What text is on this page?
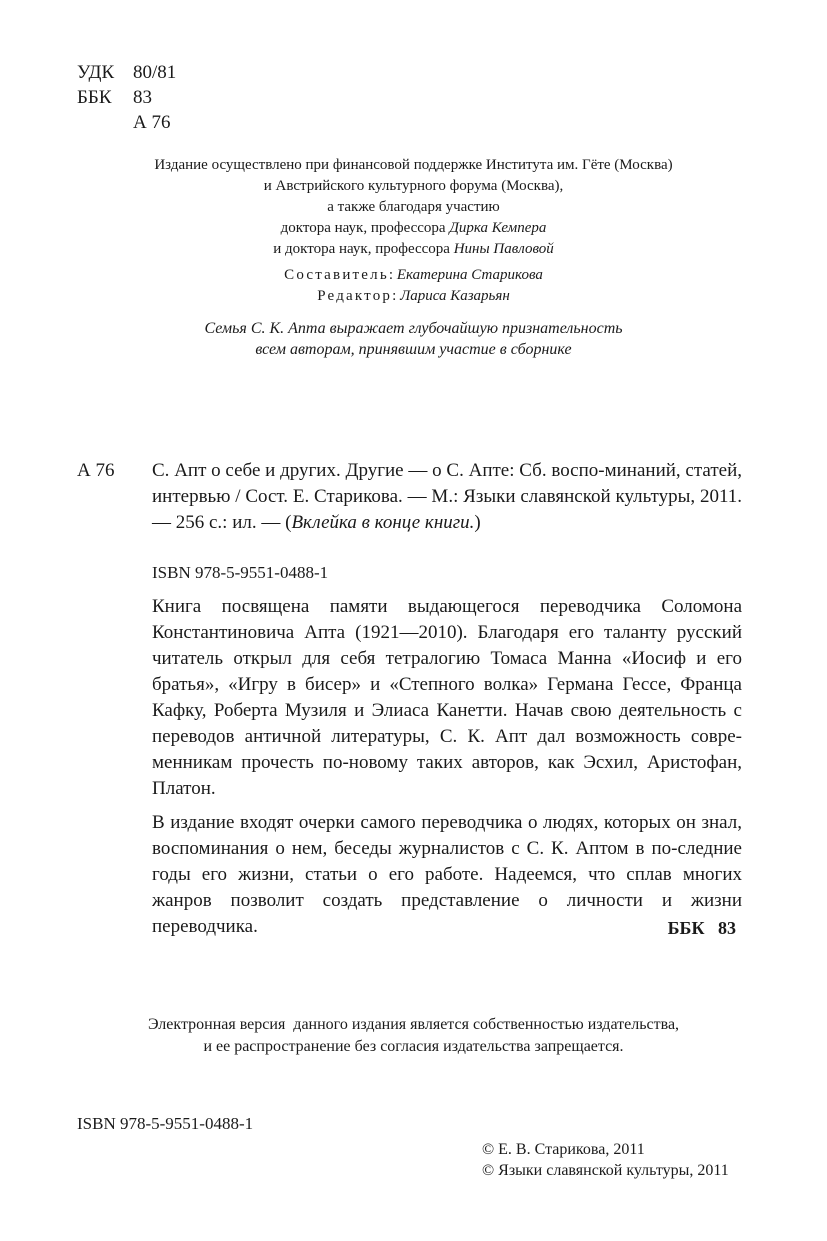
УДК 80/81
ББК	83
А 76
Издание осуществлено при финансовой поддержке Института им. Гёте (Москва)
и Австрийского культурного форума (Москва),
а также благодаря участию
доктора наук, профессора Дирка Кемпера
и доктора наук, профессора Нины Павловой
Составитель: Екатерина Старикова
Редактор: Лариса Казарьян
Семья С. К. Апта выражает глубочайшую признательность
всем авторам, принявшим участие в сборнике
А 76 С. Апт о себе и других. Другие — о С. Апте: Сб. воспо-минаний, статей, интервью / Сост. Е. Старикова. — М.: Языки славянской культуры, 2011. — 256 с.: ил. — (Вклейка в конце книги.)
ISBN 978-5-9551-0488-1

Книга посвящена памяти выдающегося переводчика Соломона Константиновича Апта (1921—2010). Благодаря его таланту русский читатель открыл для себя тетралогию Томаса Манна «Иосиф и его братья», «Игру в бисер» и «Степного волка» Германа Гессе, Франца Кафку, Роберта Музиля и Элиаса Канетти. Начав свою деятельность с переводов античной литературы, С. К. Апт дал возможность совре-менникам прочесть по-новому таких авторов, как Эсхил, Аристофан, Платон.

В издание входят очерки самого переводчика о людях, которых он знал, воспоминания о нем, беседы журналистов с С. К. Аптом в по-следние годы его жизни, статьи о его работе. Надеемся, что сплав многих жанров позволит создать представление о личности и жизни переводчика.	ББК   83
Электронная версия  данного издания является собственностью издательства,
и ее распространение без согласия издательства запрещается.
ISBN 978-5-9551-0488-1
© Е. В. Старикова, 2011
© Языки славянской культуры, 2011
